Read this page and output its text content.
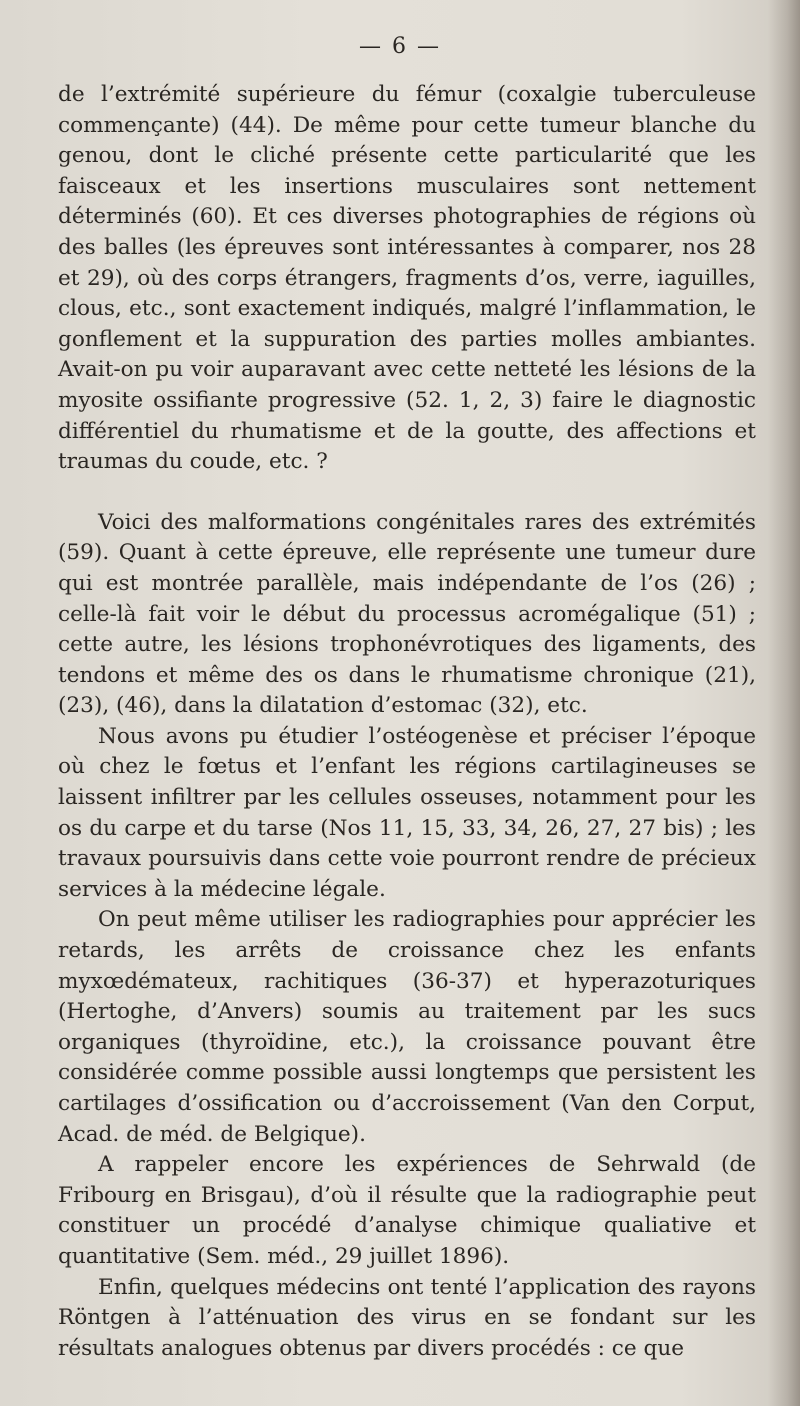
— 6 —

de l’extrémité supérieure du fémur (coxalgie tuberculeuse commençante) (44). De même pour cette tumeur blanche du genou, dont le cliché présente cette particularité que les faisceaux et les insertions musculaires sont nettement déterminés (60). Et ces diverses photographies de régions où des balles (les épreuves sont intéressantes à comparer, nos 28 et 29), où des corps étrangers, fragments d’os, verre, iaguilles, clous, etc., sont exactement indiqués, malgré l’inflammation, le gonflement et la suppuration des parties molles ambiantes. Avait-on pu voir auparavant avec cette netteté les lésions de la myosite ossifiante progressive (52. 1, 2, 3) faire le diagnostic différentiel du rhumatisme et de la goutte, des affections et traumas du coude, etc. ?

Voici des malformations congénitales rares des extrémités (59). Quant à cette épreuve, elle représente une tumeur dure qui est montrée parallèle, mais indépendante de l’os (26) ; celle-là fait voir le début du processus acromégalique (51) ; cette autre, les lésions trophonévrotiques des ligaments, des tendons et même des os dans le rhumatisme chronique (21), (23), (46), dans la dilatation d’estomac (32), etc.

Nous avons pu étudier l’ostéogenèse et préciser l’époque où chez le fœtus et l’enfant les régions cartilagineuses se laissent infiltrer par les cellules osseuses, notamment pour les os du carpe et du tarse (Nos 11, 15, 33, 34, 26, 27, 27 bis) ; les travaux poursuivis dans cette voie pourront rendre de précieux services à la médecine légale.

On peut même utiliser les radiographies pour apprécier les retards, les arrêts de croissance chez les enfants myxœdémateux, rachitiques (36-37) et hyperazoturiques (Hertoghe, d’Anvers) soumis au traitement par les sucs organiques (thyroïdine, etc.), la croissance pouvant être considérée comme possible aussi longtemps que persistent les cartilages d’ossification ou d’accroissement (Van den Corput, Acad. de méd. de Belgique).

A rappeler encore les expériences de Sehrwald (de Fribourg en Brisgau), d’où il résulte que la radiographie peut constituer un procédé d’analyse chimique qualiative et quantitative (Sem. méd., 29 juillet 1896).

Enfin, quelques médecins ont tenté l’application des rayons Röntgen à l’atténuation des virus en se fondant sur les résultats analogues obtenus par divers procédés : ce que
